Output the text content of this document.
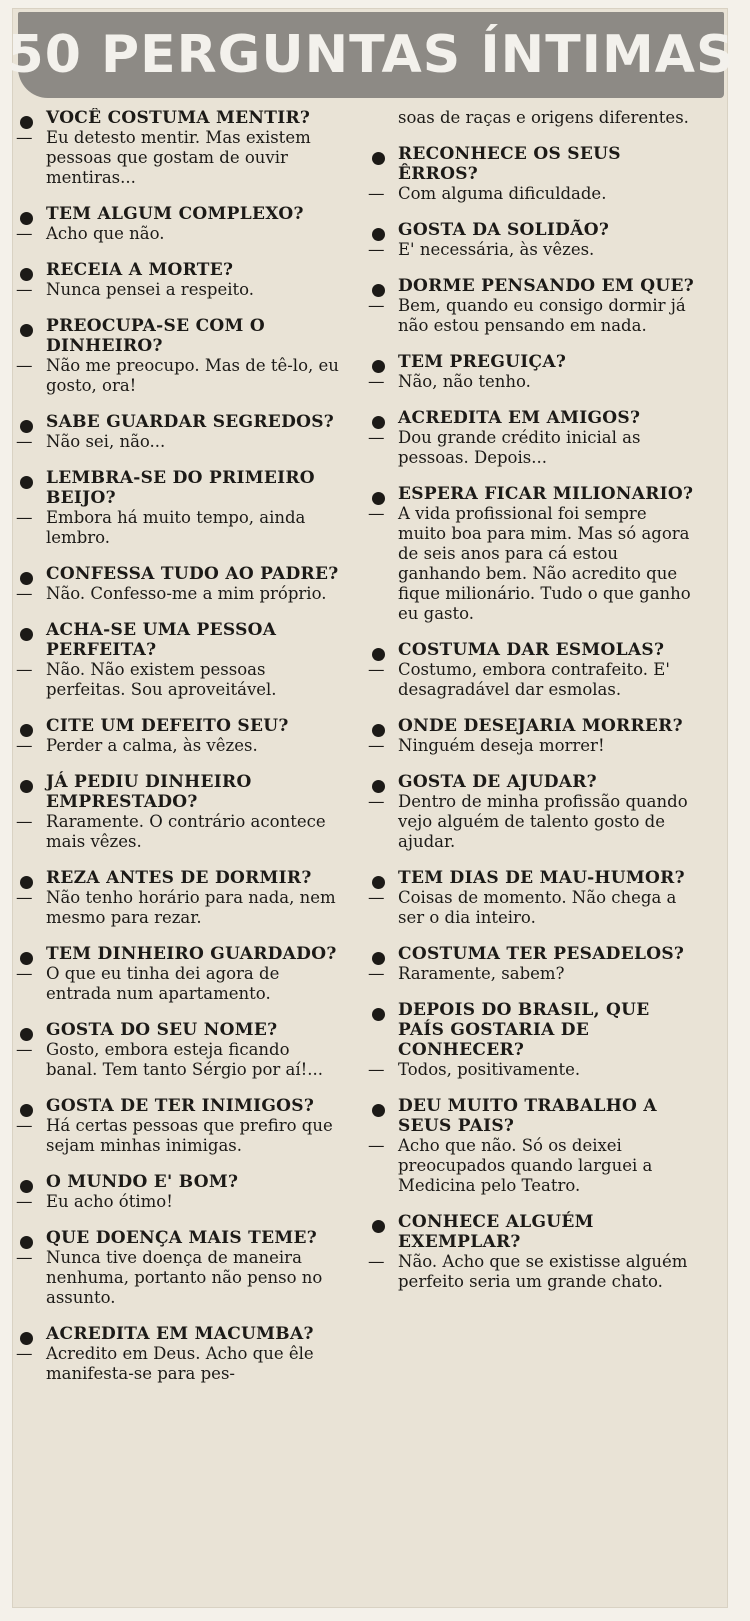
50 PERGUNTAS ÍNTIMAS
VOCÊ COSTUMA MENTIR?
— Eu detesto mentir. Mas existem pessoas que gostam de ouvir mentiras...
TEM ALGUM COMPLEXO?
— Acho que não.
RECEIA A MORTE?
— Nunca pensei a respeito.
PREOCUPA-SE COM O DINHEIRO?
— Não me preocupo. Mas de tê-lo, eu gosto, ora!
SABE GUARDAR SEGREDOS?
— Não sei, não...
LEMBRA-SE DO PRIMEIRO BEIJO?
— Embora há muito tempo, ainda lembro.
CONFESSA TUDO AO PADRE?
— Não. Confesso-me a mim próprio.
ACHA-SE UMA PESSOA PERFEITA?
— Não. Não existem pessoas perfeitas. Sou aproveitável.
CITE UM DEFEITO SEU?
— Perder a calma, às vêzes.
JÁ PEDIU DINHEIRO EMPRESTADO?
— Raramente. O contrário acontece mais vêzes.
REZA ANTES DE DORMIR?
— Não tenho horário para nada, nem mesmo para rezar.
TEM DINHEIRO GUARDADO?
— O que eu tinha dei agora de entrada num apartamento.
GOSTA DO SEU NOME?
— Gosto, embora esteja ficando banal. Tem tanto Sérgio por aí!...
GOSTA DE TER INIMIGOS?
— Há certas pessoas que prefiro que sejam minhas inimigas.
O MUNDO E' BOM?
— Eu acho ótimo!
QUE DOENÇA MAIS TEME?
— Nunca tive doença de maneira nenhuma, portanto não penso no assunto.
ACREDITA EM MACUMBA?
— Acredito em Deus. Acho que êle manifesta-se para pes-
soas de raças e origens diferentes.
RECONHECE OS SEUS ÊRROS?
— Com alguma dificuldade.
GOSTA DA SOLIDÃO?
— E' necessária, às vêzes.
DORME PENSANDO EM QUE?
— Bem, quando eu consigo dormir já não estou pensando em nada.
TEM PREGUIÇA?
— Não, não tenho.
ACREDITA EM AMIGOS?
— Dou grande crédito inicial as pessoas. Depois...
ESPERA FICAR MILIONARIO?
— A vida profissional foi sempre muito boa para mim. Mas só agora de seis anos para cá estou ganhando bem. Não acredito que fique milionário. Tudo o que ganho eu gasto.
COSTUMA DAR ESMOLAS?
— Costumo, embora contrafeito. E' desagradável dar esmolas.
ONDE DESEJARIA MORRER?
— Ninguém deseja morrer!
GOSTA DE AJUDAR?
— Dentro de minha profissão quando vejo alguém de talento gosto de ajudar.
TEM DIAS DE MAU-HUMOR?
— Coisas de momento. Não chega a ser o dia inteiro.
COSTUMA TER PESADELOS?
— Raramente, sabem?
DEPOIS DO BRASIL, QUE PAÍS GOSTARIA DE CONHECER?
— Todos, positivamente.
DEU MUITO TRABALHO A SEUS PAIS?
— Acho que não. Só os deixei preocupados quando larguei a Medicina pelo Teatro.
CONHECE ALGUÉM EXEMPLAR?
— Não. Acho que se existisse alguém perfeito seria um grande chato.
